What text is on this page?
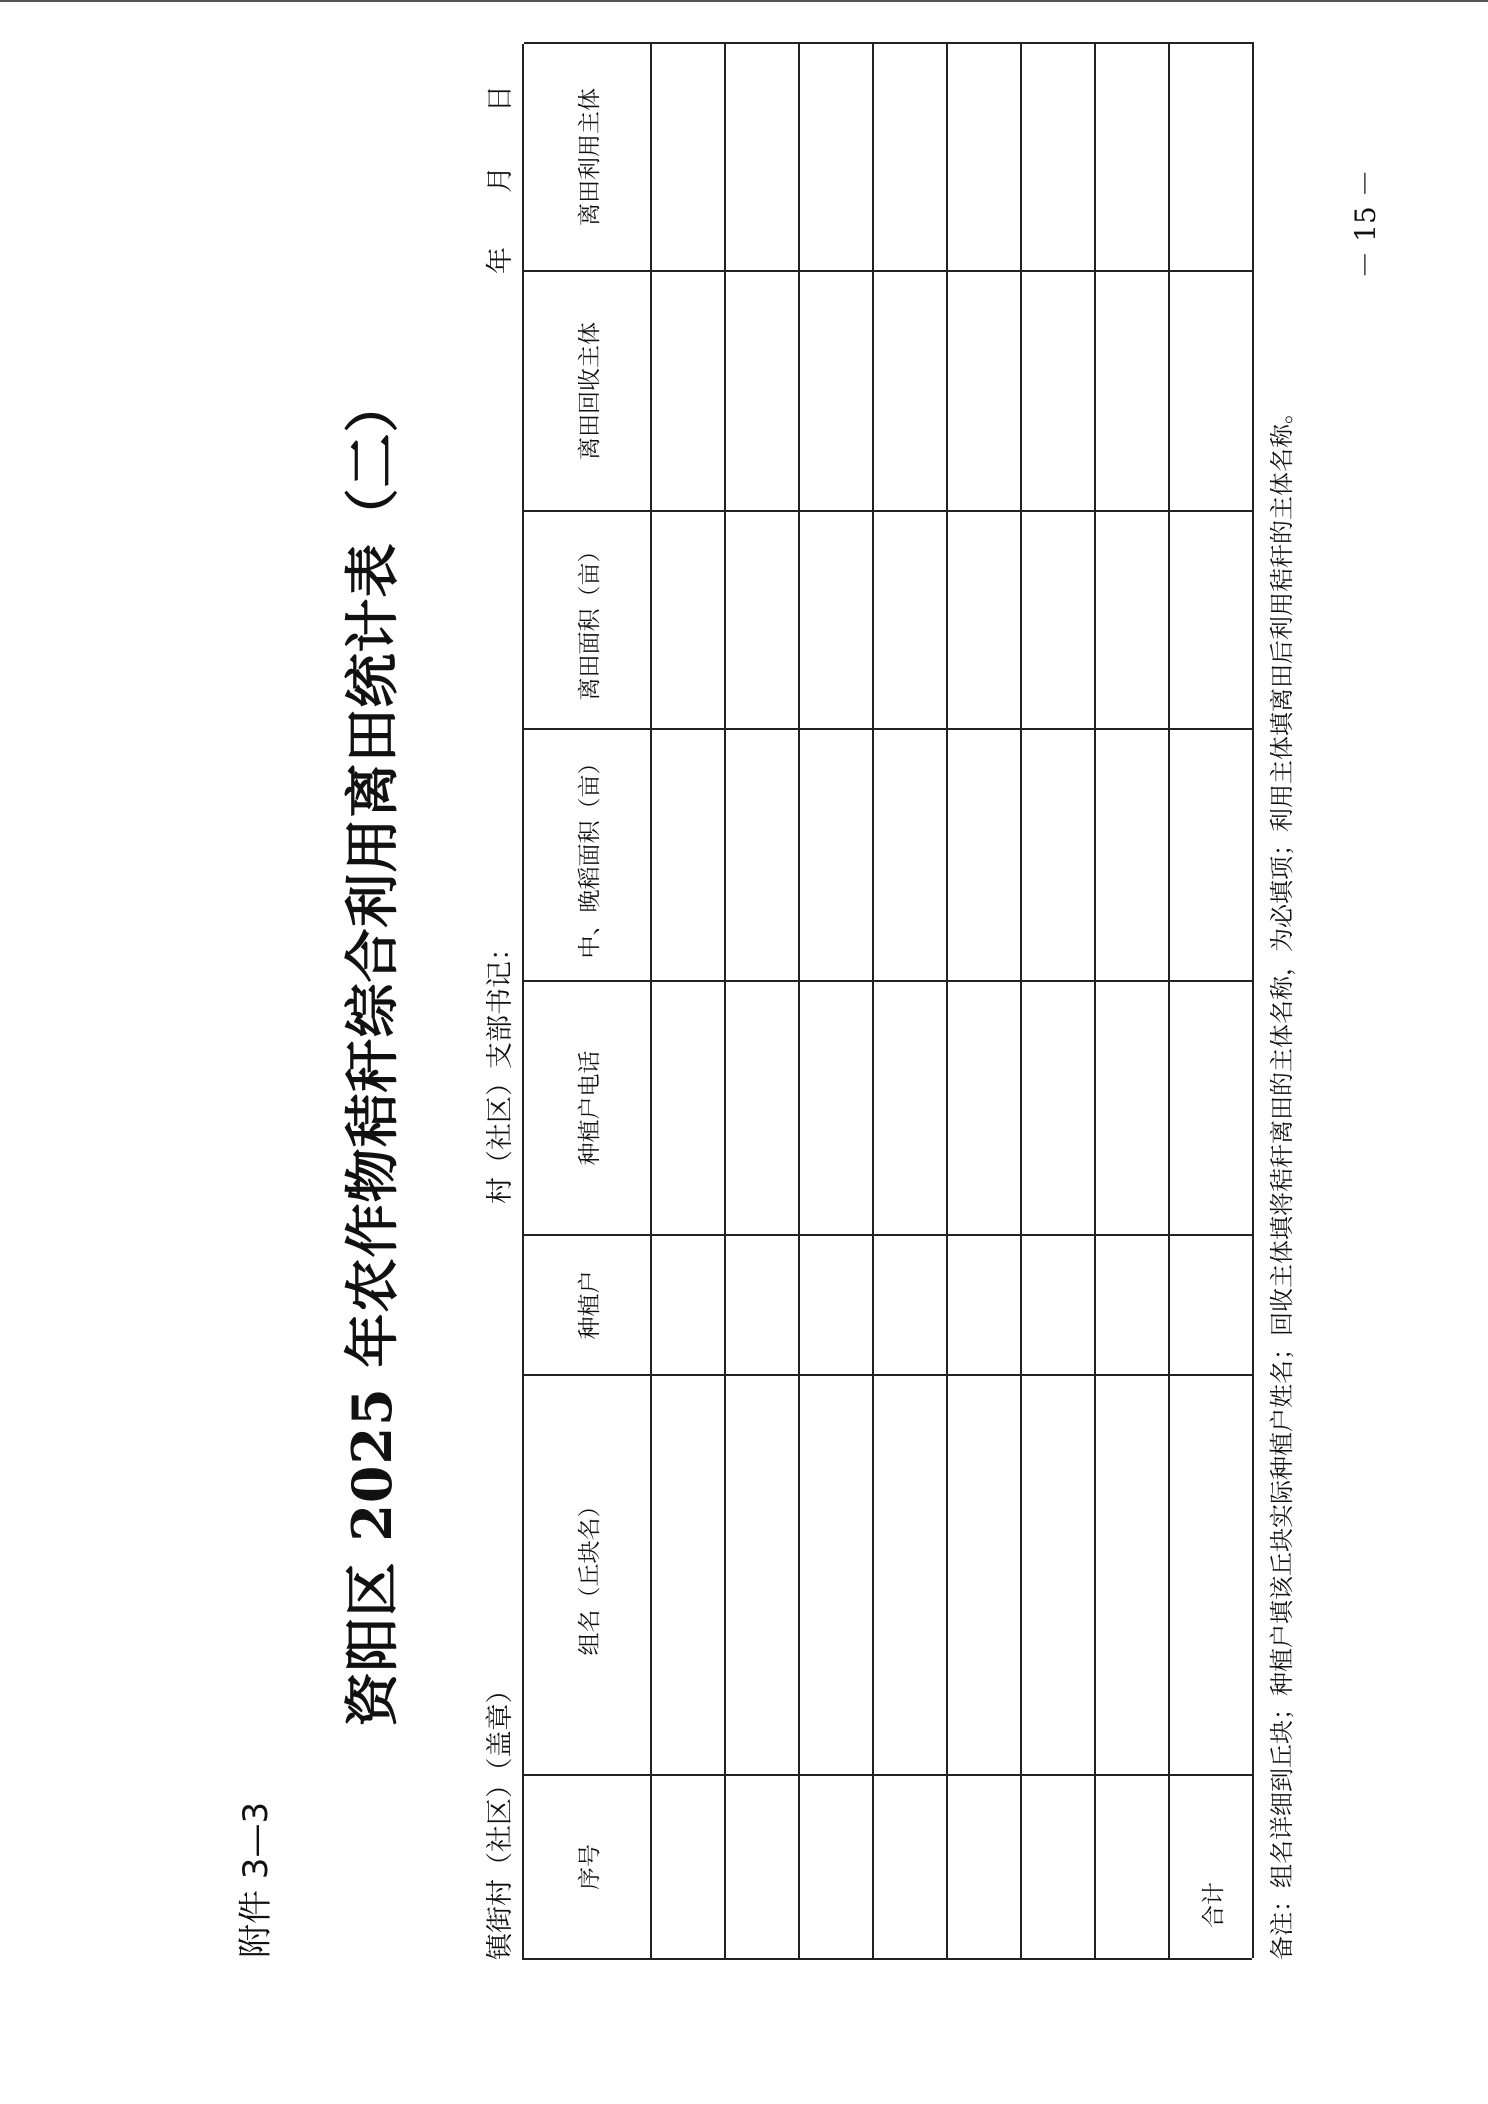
附件 3—3
资阳区 2025 年农作物秸秆综合利用离田统计表（二）
镇街村（社区）（盖章）
村（社区）支部书记：
年　　月　　日
序号
组名（丘块名）
种植户
种植户电话
中、晚稻面积（亩）
离田面积（亩）
离田回收主体
离田利用主体
合计	备注：组名详细到丘块；种植户填该丘块实际种植户姓名；回收主体填将秸秆离田的主体名称，为必填项；利用主体填离田后利用秸秆的主体名称。
－ 15 －
